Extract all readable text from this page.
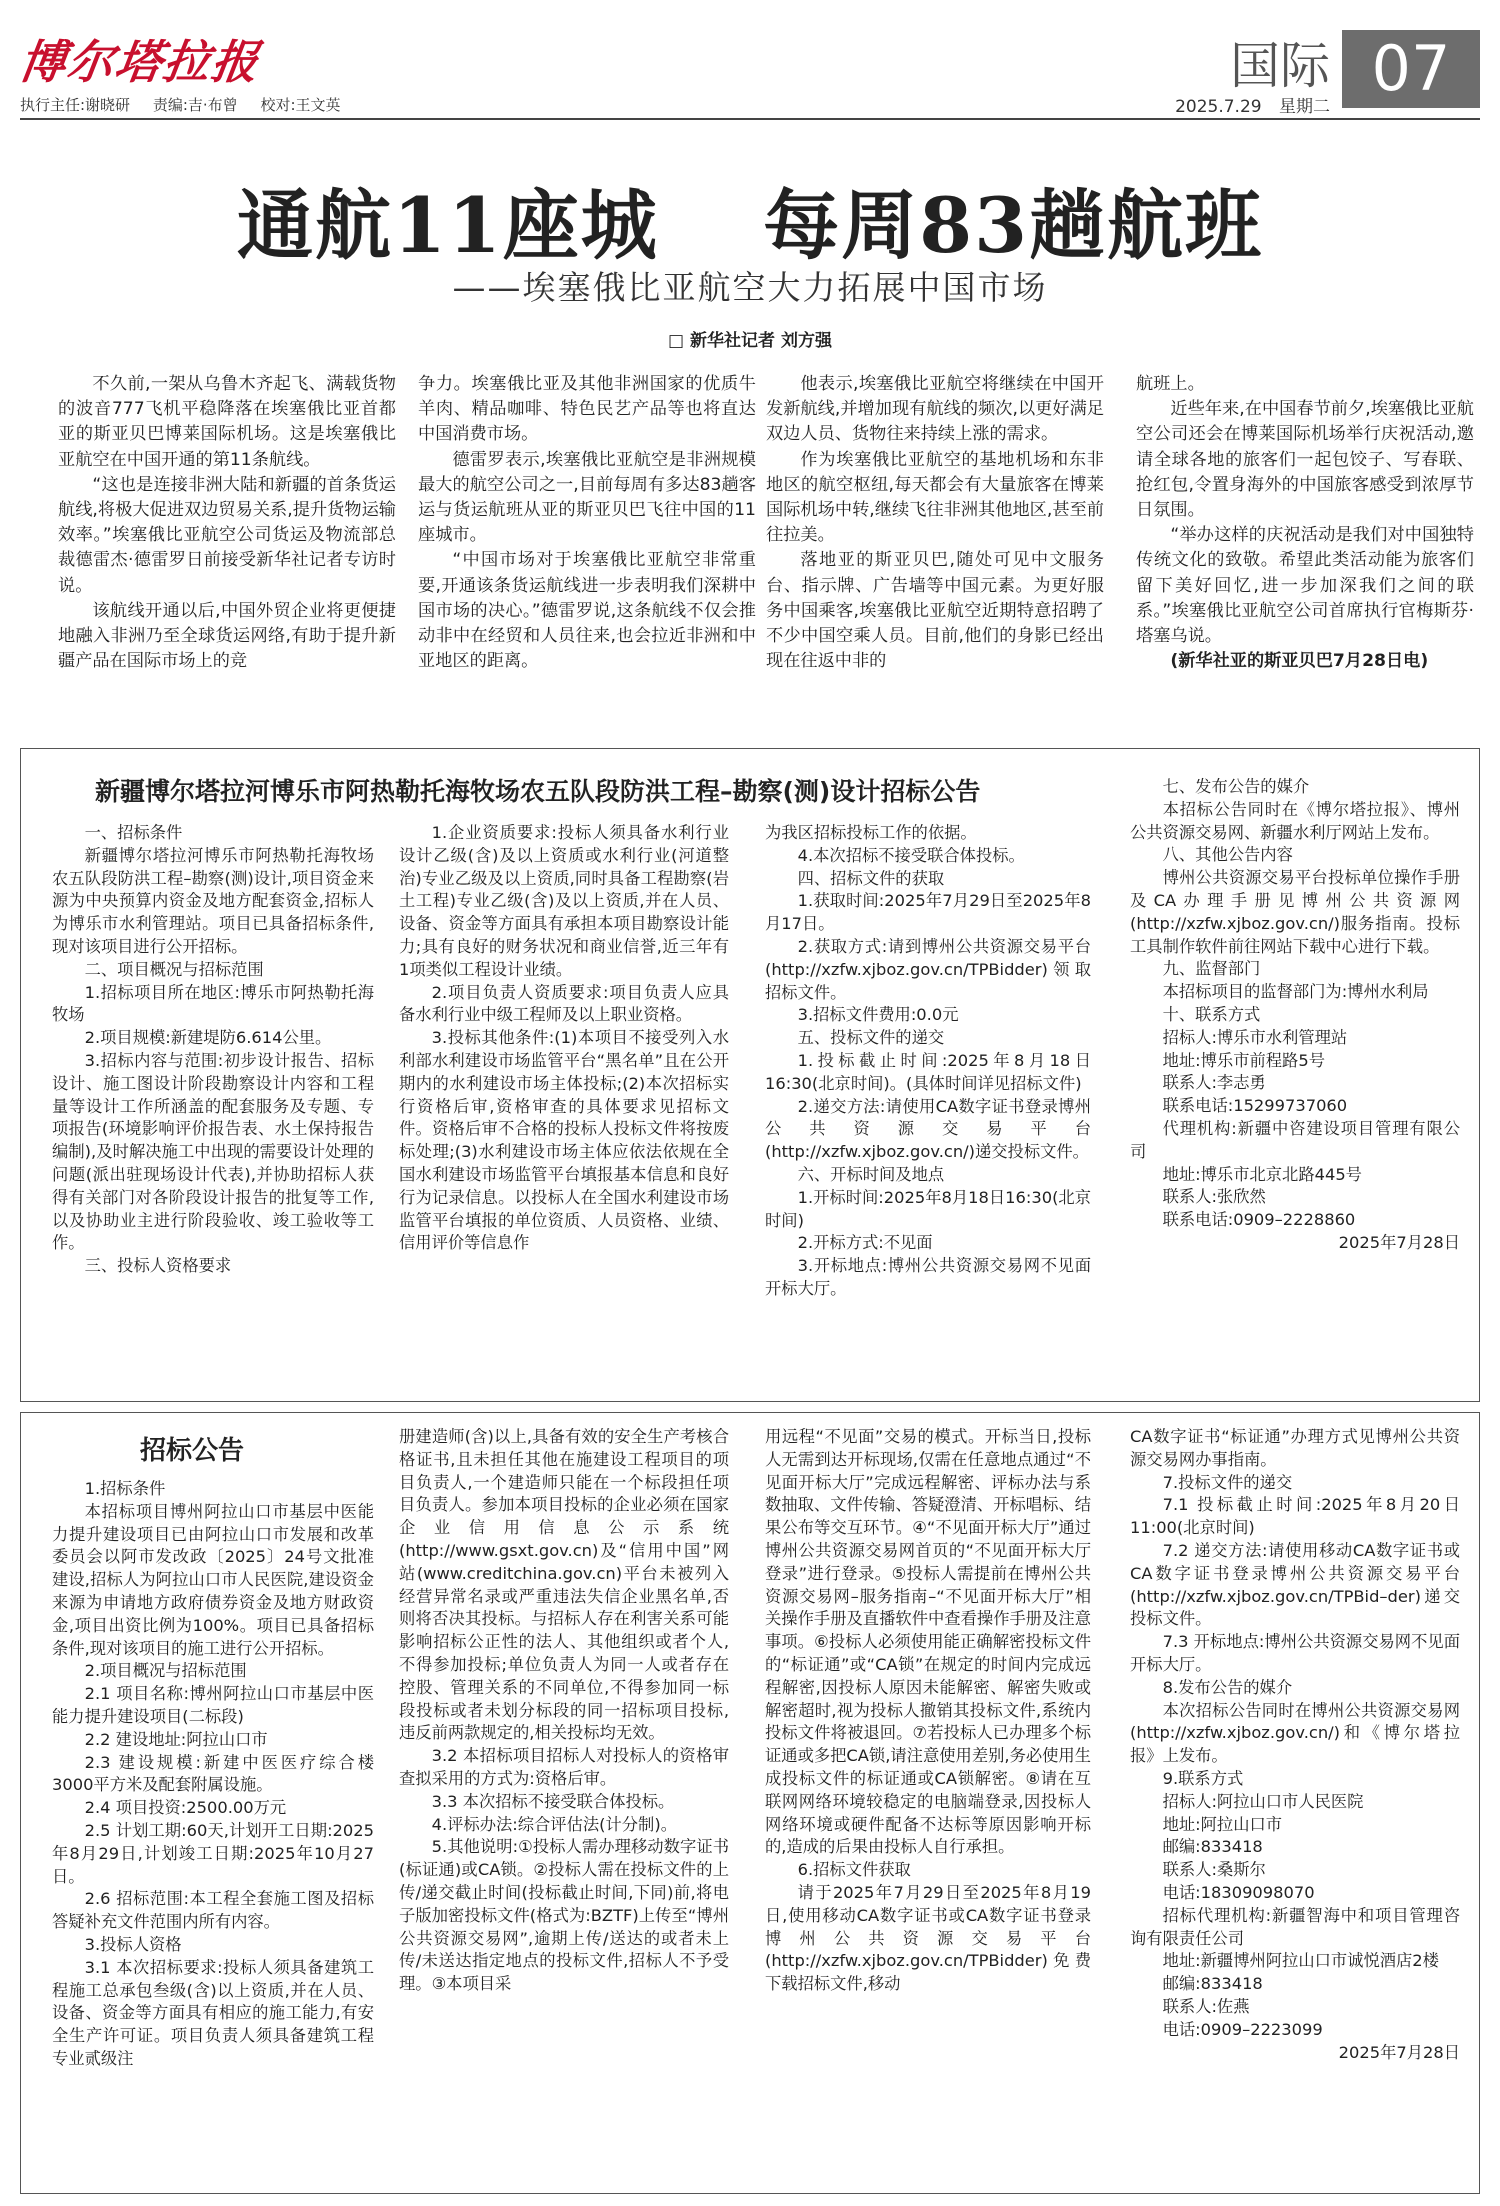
博尔塔拉报
执行主任:谢晓研 责编:吉·布曾 校对:王文英
国际 07
2025.7.29 星期二
通航11座城 每周83趟航班
——埃塞俄比亚航空大力拓展中国市场
□ 新华社记者 刘方强

不久前,一架从乌鲁木齐起飞、满载货物的波音777飞机平稳降落在埃塞俄比亚首都亚的斯亚贝巴博莱国际机场。这是埃塞俄比亚航空在中国开通的第11条航线。

“这也是连接非洲大陆和新疆的首条货运航线,将极大促进双边贸易关系,提升货物运输效率。”埃塞俄比亚航空公司货运及物流部总裁德雷杰·德雷罗日前接受新华社记者专访时说。

该航线开通以后,中国外贸企业将更便捷地融入非洲乃至全球货运网络,有助于提升新疆产品在国际市场上的竞

争力。埃塞俄比亚及其他非洲国家的优质牛羊肉、精品咖啡、特色民艺产品等也将直达中国消费市场。

德雷罗表示,埃塞俄比亚航空是非洲规模最大的航空公司之一,目前每周有多达83趟客运与货运航班从亚的斯亚贝巴飞往中国的11座城市。

“中国市场对于埃塞俄比亚航空非常重要,开通该条货运航线进一步表明我们深耕中国市场的决心。”德雷罗说,这条航线不仅会推动非中在经贸和人员往来,也会拉近非洲和中亚地区的距离。

他表示,埃塞俄比亚航空将继续在中国开发新航线,并增加现有航线的频次,以更好满足双边人员、货物往来持续上涨的需求。

作为埃塞俄比亚航空的基地机场和东非地区的航空枢纽,每天都会有大量旅客在博莱国际机场中转,继续飞往非洲其他地区,甚至前往拉美。

落地亚的斯亚贝巴,随处可见中文服务台、指示牌、广告墙等中国元素。为更好服务中国乘客,埃塞俄比亚航空近期特意招聘了不少中国空乘人员。目前,他们的身影已经出现在往返中非的

航班上。

近些年来,在中国春节前夕,埃塞俄比亚航空公司还会在博莱国际机场举行庆祝活动,邀请全球各地的旅客们一起包饺子、写春联、抢红包,令置身海外的中国旅客感受到浓厚节日氛围。

“举办这样的庆祝活动是我们对中国独特传统文化的致敬。希望此类活动能为旅客们留下美好回忆,进一步加深我们之间的联系。”埃塞俄比亚航空公司首席执行官梅斯芬·塔塞乌说。

(新华社亚的斯亚贝巴7月28日电)

新疆博尔塔拉河博乐市阿热勒托海牧场农五队段防洪工程–勘察(测)设计招标公告

一、招标条件

新疆博尔塔拉河博乐市阿热勒托海牧场农五队段防洪工程–勘察(测)设计,项目资金来源为中央预算内资金及地方配套资金,招标人为博乐市水利管理站。项目已具备招标条件,现对该项目进行公开招标。

二、项目概况与招标范围

1.招标项目所在地区:博乐市阿热勒托海牧场

2.项目规模:新建堤防6.614公里。

3.招标内容与范围:初步设计报告、招标设计、施工图设计阶段勘察设计内容和工程量等设计工作所涵盖的配套服务及专题、专项报告(环境影响评价报告表、水土保持报告编制),及时解决施工中出现的需要设计处理的问题(派出驻现场设计代表),并协助招标人获得有关部门对各阶段设计报告的批复等工作,以及协助业主进行阶段验收、竣工验收等工作。

三、投标人资格要求

1.企业资质要求:投标人须具备水利行业设计乙级(含)及以上资质或水利行业(河道整治)专业乙级及以上资质,同时具备工程勘察(岩土工程)专业乙级(含)及以上资质,并在人员、设备、资金等方面具有承担本项目勘察设计能力;具有良好的财务状况和商业信誉,近三年有1项类似工程设计业绩。

2.项目负责人资质要求:项目负责人应具备水利行业中级工程师及以上职业资格。

3.投标其他条件:(1)本项目不接受列入水利部水利建设市场监管平台“黑名单”且在公开期内的水利建设市场主体投标;(2)本次招标实行资格后审,资格审查的具体要求见招标文件。资格后审不合格的投标人投标文件将按废标处理;(3)水利建设市场主体应依法依规在全国水利建设市场监管平台填报基本信息和良好行为记录信息。以投标人在全国水利建设市场监管平台填报的单位资质、人员资格、业绩、信用评价等信息作

为我区招标投标工作的依据。

4.本次招标不接受联合体投标。

四、招标文件的获取

1.获取时间:2025年7月29日至2025年8月17日。

2.获取方式:请到博州公共资源交易平台(http://xzfw.xjboz.gov.cn/TPBidder)领取招标文件。

3.招标文件费用:0.0元

五、投标文件的递交

1.投标截止时间:2025年8月18日16:30(北京时间)。(具体时间详见招标文件)

2.递交方法:请使用CA数字证书登录博州公共资源交易平台(http://xzfw.xjboz.gov.cn/)递交投标文件。

六、开标时间及地点

1.开标时间:2025年8月18日16:30(北京时间)

2.开标方式:不见面

3.开标地点:博州公共资源交易网不见面开标大厅。

七、发布公告的媒介

本招标公告同时在《博尔塔拉报》、博州公共资源交易网、新疆水利厅网站上发布。

八、其他公告内容

博州公共资源交易平台投标单位操作手册及CA办理手册见博州公共资源网(http://xzfw.xjboz.gov.cn/)服务指南。投标工具制作软件前往网站下载中心进行下载。

九、监督部门

本招标项目的监督部门为:博州水利局

十、联系方式

招标人:博乐市水利管理站

地址:博乐市前程路5号

联系人:李志勇

联系电话:15299737060

代理机构:新疆中咨建设项目管理有限公司

地址:博乐市北京北路445号

联系人:张欣然

联系电话:0909–2228860

2025年7月28日

招标公告

1.招标条件

本招标项目博州阿拉山口市基层中医能力提升建设项目已由阿拉山口市发展和改革委员会以阿市发改政〔2025〕24号文批准建设,招标人为阿拉山口市人民医院,建设资金来源为申请地方政府债券资金及地方财政资金,项目出资比例为100%。项目已具备招标条件,现对该项目的施工进行公开招标。

2.项目概况与招标范围

2.1 项目名称:博州阿拉山口市基层中医能力提升建设项目(二标段)

2.2 建设地址:阿拉山口市

2.3 建设规模:新建中医医疗综合楼3000平方米及配套附属设施。

2.4 项目投资:2500.00万元

2.5 计划工期:60天,计划开工日期:2025年8月29日,计划竣工日期:2025年10月27日。

2.6 招标范围:本工程全套施工图及招标答疑补充文件范围内所有内容。

3.投标人资格

3.1 本次招标要求:投标人须具备建筑工程施工总承包叁级(含)以上资质,并在人员、设备、资金等方面具有相应的施工能力,有安全生产许可证。项目负责人须具备建筑工程专业贰级注

册建造师(含)以上,具备有效的安全生产考核合格证书,且未担任其他在施建设工程项目的项目负责人,一个建造师只能在一个标段担任项目负责人。参加本项目投标的企业必须在国家企业信用信息公示系统(http://www.gsxt.gov.cn)及“信用中国”网站(www.creditchina.gov.cn)平台未被列入经营异常名录或严重违法失信企业黑名单,否则将否决其投标。与招标人存在利害关系可能影响招标公正性的法人、其他组织或者个人,不得参加投标;单位负责人为同一人或者存在控股、管理关系的不同单位,不得参加同一标段投标或者未划分标段的同一招标项目投标,违反前两款规定的,相关投标均无效。

3.2 本招标项目招标人对投标人的资格审查拟采用的方式为:资格后审。

3.3 本次招标不接受联合体投标。

4.评标办法:综合评估法(计分制)。

5.其他说明:①投标人需办理移动数字证书(标证通)或CA锁。②投标人需在投标文件的上传/递交截止时间(投标截止时间,下同)前,将电子版加密投标文件(格式为:BZTF)上传至“博州公共资源交易网”,逾期上传/送达的或者未上传/未送达指定地点的投标文件,招标人不予受理。③本项目采

用远程“不见面”交易的模式。开标当日,投标人无需到达开标现场,仅需在任意地点通过“不见面开标大厅”完成远程解密、评标办法与系数抽取、文件传输、答疑澄清、开标唱标、结果公布等交互环节。④“不见面开标大厅”通过博州公共资源交易网首页的“不见面开标大厅登录”进行登录。⑤投标人需提前在博州公共资源交易网–服务指南–“不见面开标大厅”相关操作手册及直播软件中查看操作手册及注意事项。⑥投标人必须使用能正确解密投标文件的“标证通”或“CA锁”在规定的时间内完成远程解密,因投标人原因未能解密、解密失败或解密超时,视为投标人撤销其投标文件,系统内投标文件将被退回。⑦若投标人已办理多个标证通或多把CA锁,请注意使用差别,务必使用生成投标文件的标证通或CA锁解密。⑧请在互联网网络环境较稳定的电脑端登录,因投标人网络环境或硬件配备不达标等原因影响开标的,造成的后果由投标人自行承担。

6.招标文件获取

请于2025年7月29日至2025年8月19日,使用移动CA数字证书或CA数字证书登录博州公共资源交易平台(http://xzfw.xjboz.gov.cn/TPBidder)免费下载招标文件,移动

CA数字证书“标证通”办理方式见博州公共资源交易网办事指南。

7.投标文件的递交

7.1 投标截止时间:2025年8月20日11:00(北京时间)

7.2 递交方法:请使用移动CA数字证书或CA数字证书登录博州公共资源交易平台(http://xzfw.xjboz.gov.cn/TPBid–der)递交投标文件。

7.3 开标地点:博州公共资源交易网不见面开标大厅。

8.发布公告的媒介

本次招标公告同时在博州公共资源交易网(http://xzfw.xjboz.gov.cn/)和《博尔塔拉报》上发布。

9.联系方式

招标人:阿拉山口市人民医院

地址:阿拉山口市

邮编:833418

联系人:桑斯尔

电话:18309098070

招标代理机构:新疆智海中和项目管理咨询有限责任公司

地址:新疆博州阿拉山口市诚悦酒店2楼

邮编:833418

联系人:佐燕

电话:0909–2223099

2025年7月28日
